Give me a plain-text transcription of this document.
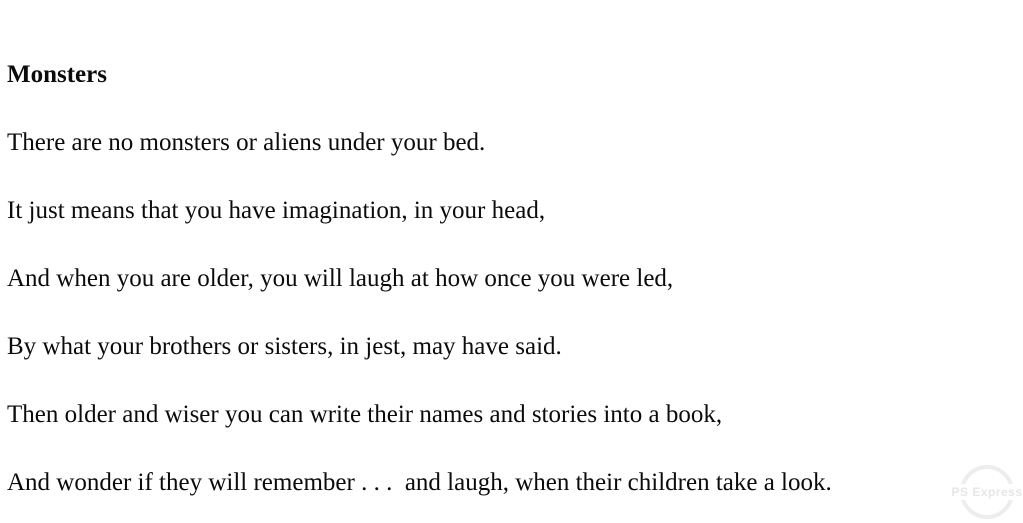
Monsters

There are no monsters or aliens under your bed.

It just means that you have imagination, in your head,

And when you are older, you will laugh at how once you were led,

By what your brothers or sisters, in jest, may have said.

Then older and wiser you can write their names and stories into a book,

And wonder if they will remember . . .  and laugh, when their children take a look.	PS Express
